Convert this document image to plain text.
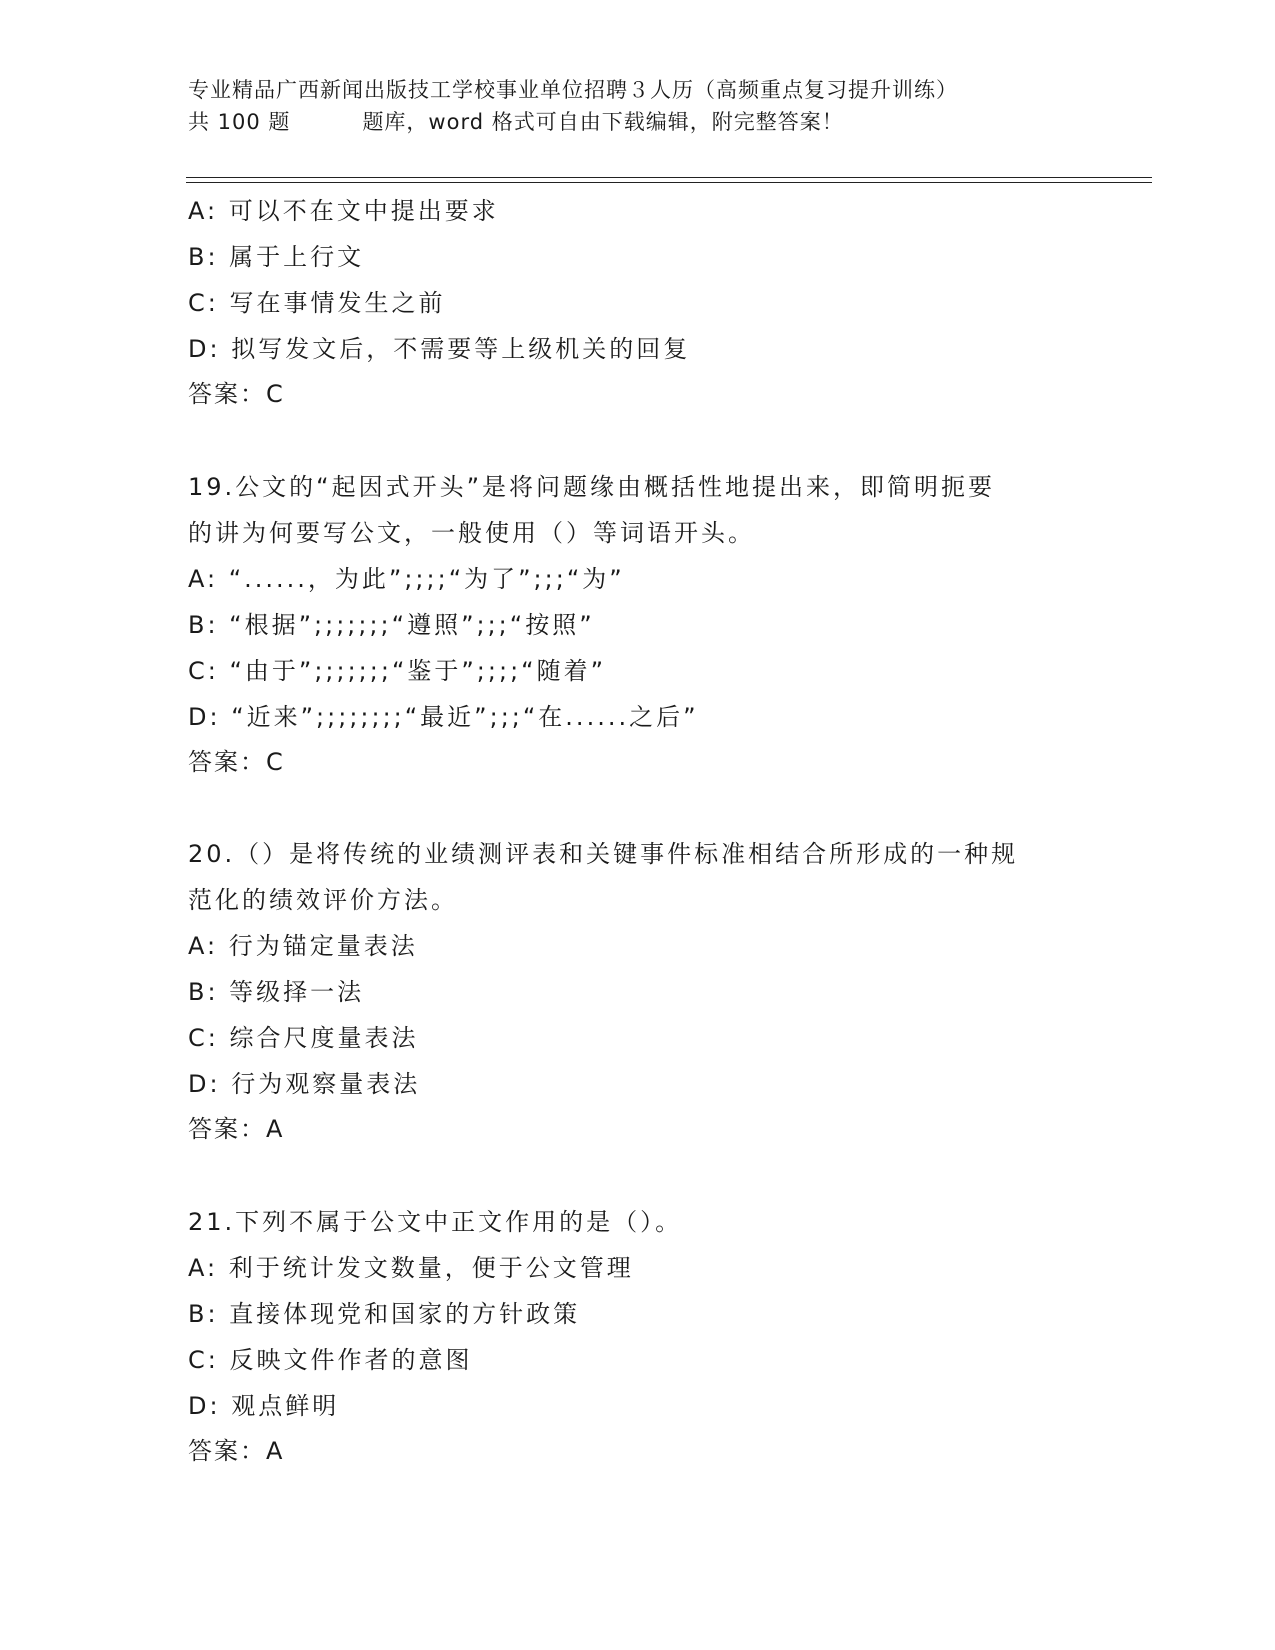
专业精品广西新闻出版技工学校事业单位招聘３人历（高频重点复习提升训练）
共 100 题	题库，word 格式可自由下载编辑，附完整答案！
A: 可以不在文中提出要求
B: 属于上行文
C: 写在事情发生之前
D: 拟写发文后，不需要等上级机关的回复
答案：C
19.公文的“起因式开头”是将问题缘由概括性地提出来，即简明扼要
的讲为何要写公文，一般使用（）等词语开头。
A: “......，为此”;;;;“为了”;;;“为”
B: “根据”;;;;;;;“遵照”;;;“按照”
C: “由于”;;;;;;;“鉴于”;;;;“随着”
D: “近来”;;;;;;;;“最近”;;;“在......之后”
答案：C
20.（）是将传统的业绩测评表和关键事件标准相结合所形成的一种规
范化的绩效评价方法。
A: 行为锚定量表法
B: 等级择一法
C: 综合尺度量表法
D: 行为观察量表法
答案：A
21.下列不属于公文中正文作用的是（）。
A: 利于统计发文数量，便于公文管理
B: 直接体现党和国家的方针政策
C: 反映文件作者的意图
D: 观点鲜明
答案：A
